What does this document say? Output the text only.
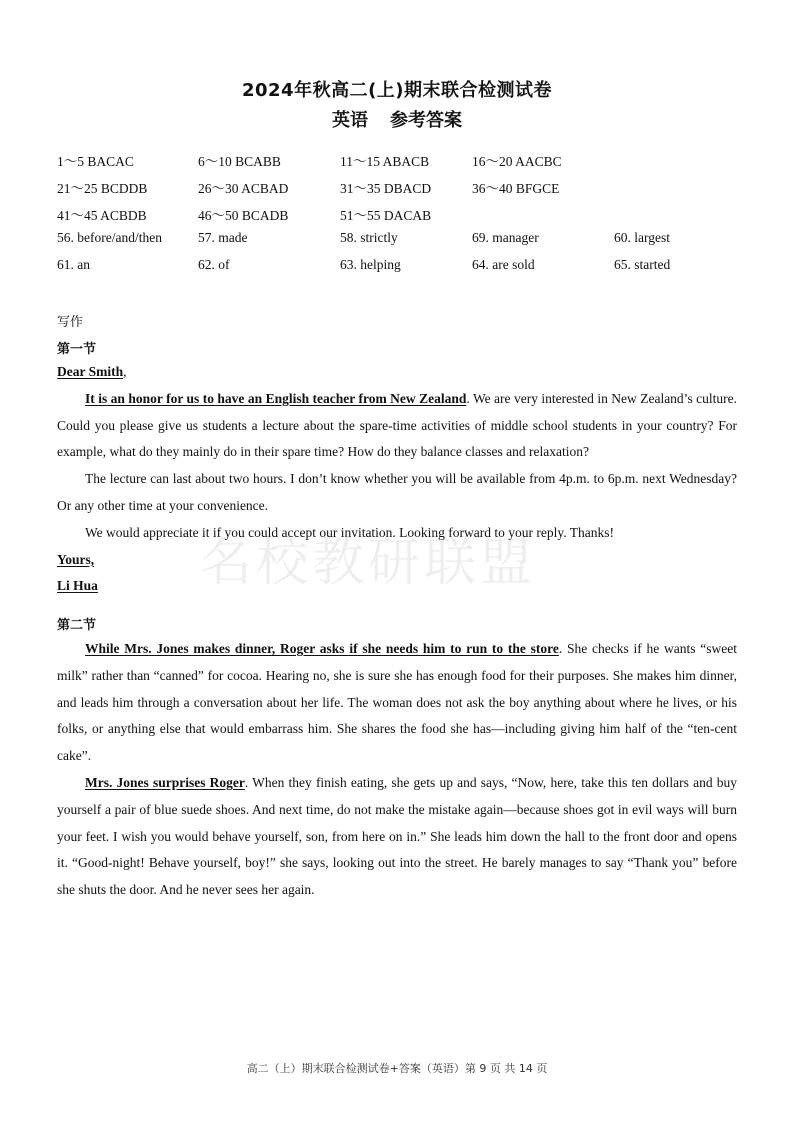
2024年秋高二(上)期末联合检测试卷
英语 参考答案
1～5 BACAC	6～10 BCABB	11～15 ABACB	16～20 AACBC
21～25 BCDDB	26～30 ACBAD	31～35 DBACD	36～40 BFGCE
41～45 ACBDB	46～50 BCADB	51～55 DACAB
56. before/and/then	57. made	58. strictly	69. manager	60. largest
61. an	62. of	63. helping	64. are sold	65. started
写作
第一节

Dear Smith,

It is an honor for us to have an English teacher from New Zealand. We are very interested in New Zealand’s culture. Could you please give us students a lecture about the spare-time activities of middle school students in your country? For example, what do they mainly do in their spare time? How do they balance classes and relaxation?

The lecture can last about two hours. I don’t know whether you will be available from 4p.m. to 6p.m. next Wednesday? Or any other time at your convenience.

We would appreciate it if you could accept our invitation. Looking forward to your reply. Thanks!

Yours,

Li Hua

第二节

While Mrs. Jones makes dinner, Roger asks if she needs him to run to the store. She checks if he wants “sweet milk” rather than “canned” for cocoa. Hearing no, she is sure she has enough food for their purposes. She makes him dinner, and leads him through a conversation about her life. The woman does not ask the boy anything about where he lives, or his folks, or anything else that would embarrass him. She shares the food she has—including giving him half of the “ten-cent cake”.

Mrs. Jones surprises Roger. When they finish eating, she gets up and says, “Now, here, take this ten dollars and buy yourself a pair of blue suede shoes. And next time, do not make the mistake again—because shoes got in evil ways will burn your feet. I wish you would behave yourself, son, from here on in.” She leads him down the hall to the front door and opens it. “Good-night! Behave yourself, boy!” she says, looking out into the street. He barely manages to say “Thank you” before she shuts the door. And he never sees her again.

名校教研联盟
高二（上）期末联合检测试卷+答案（英语）第 9 页 共 14 页
